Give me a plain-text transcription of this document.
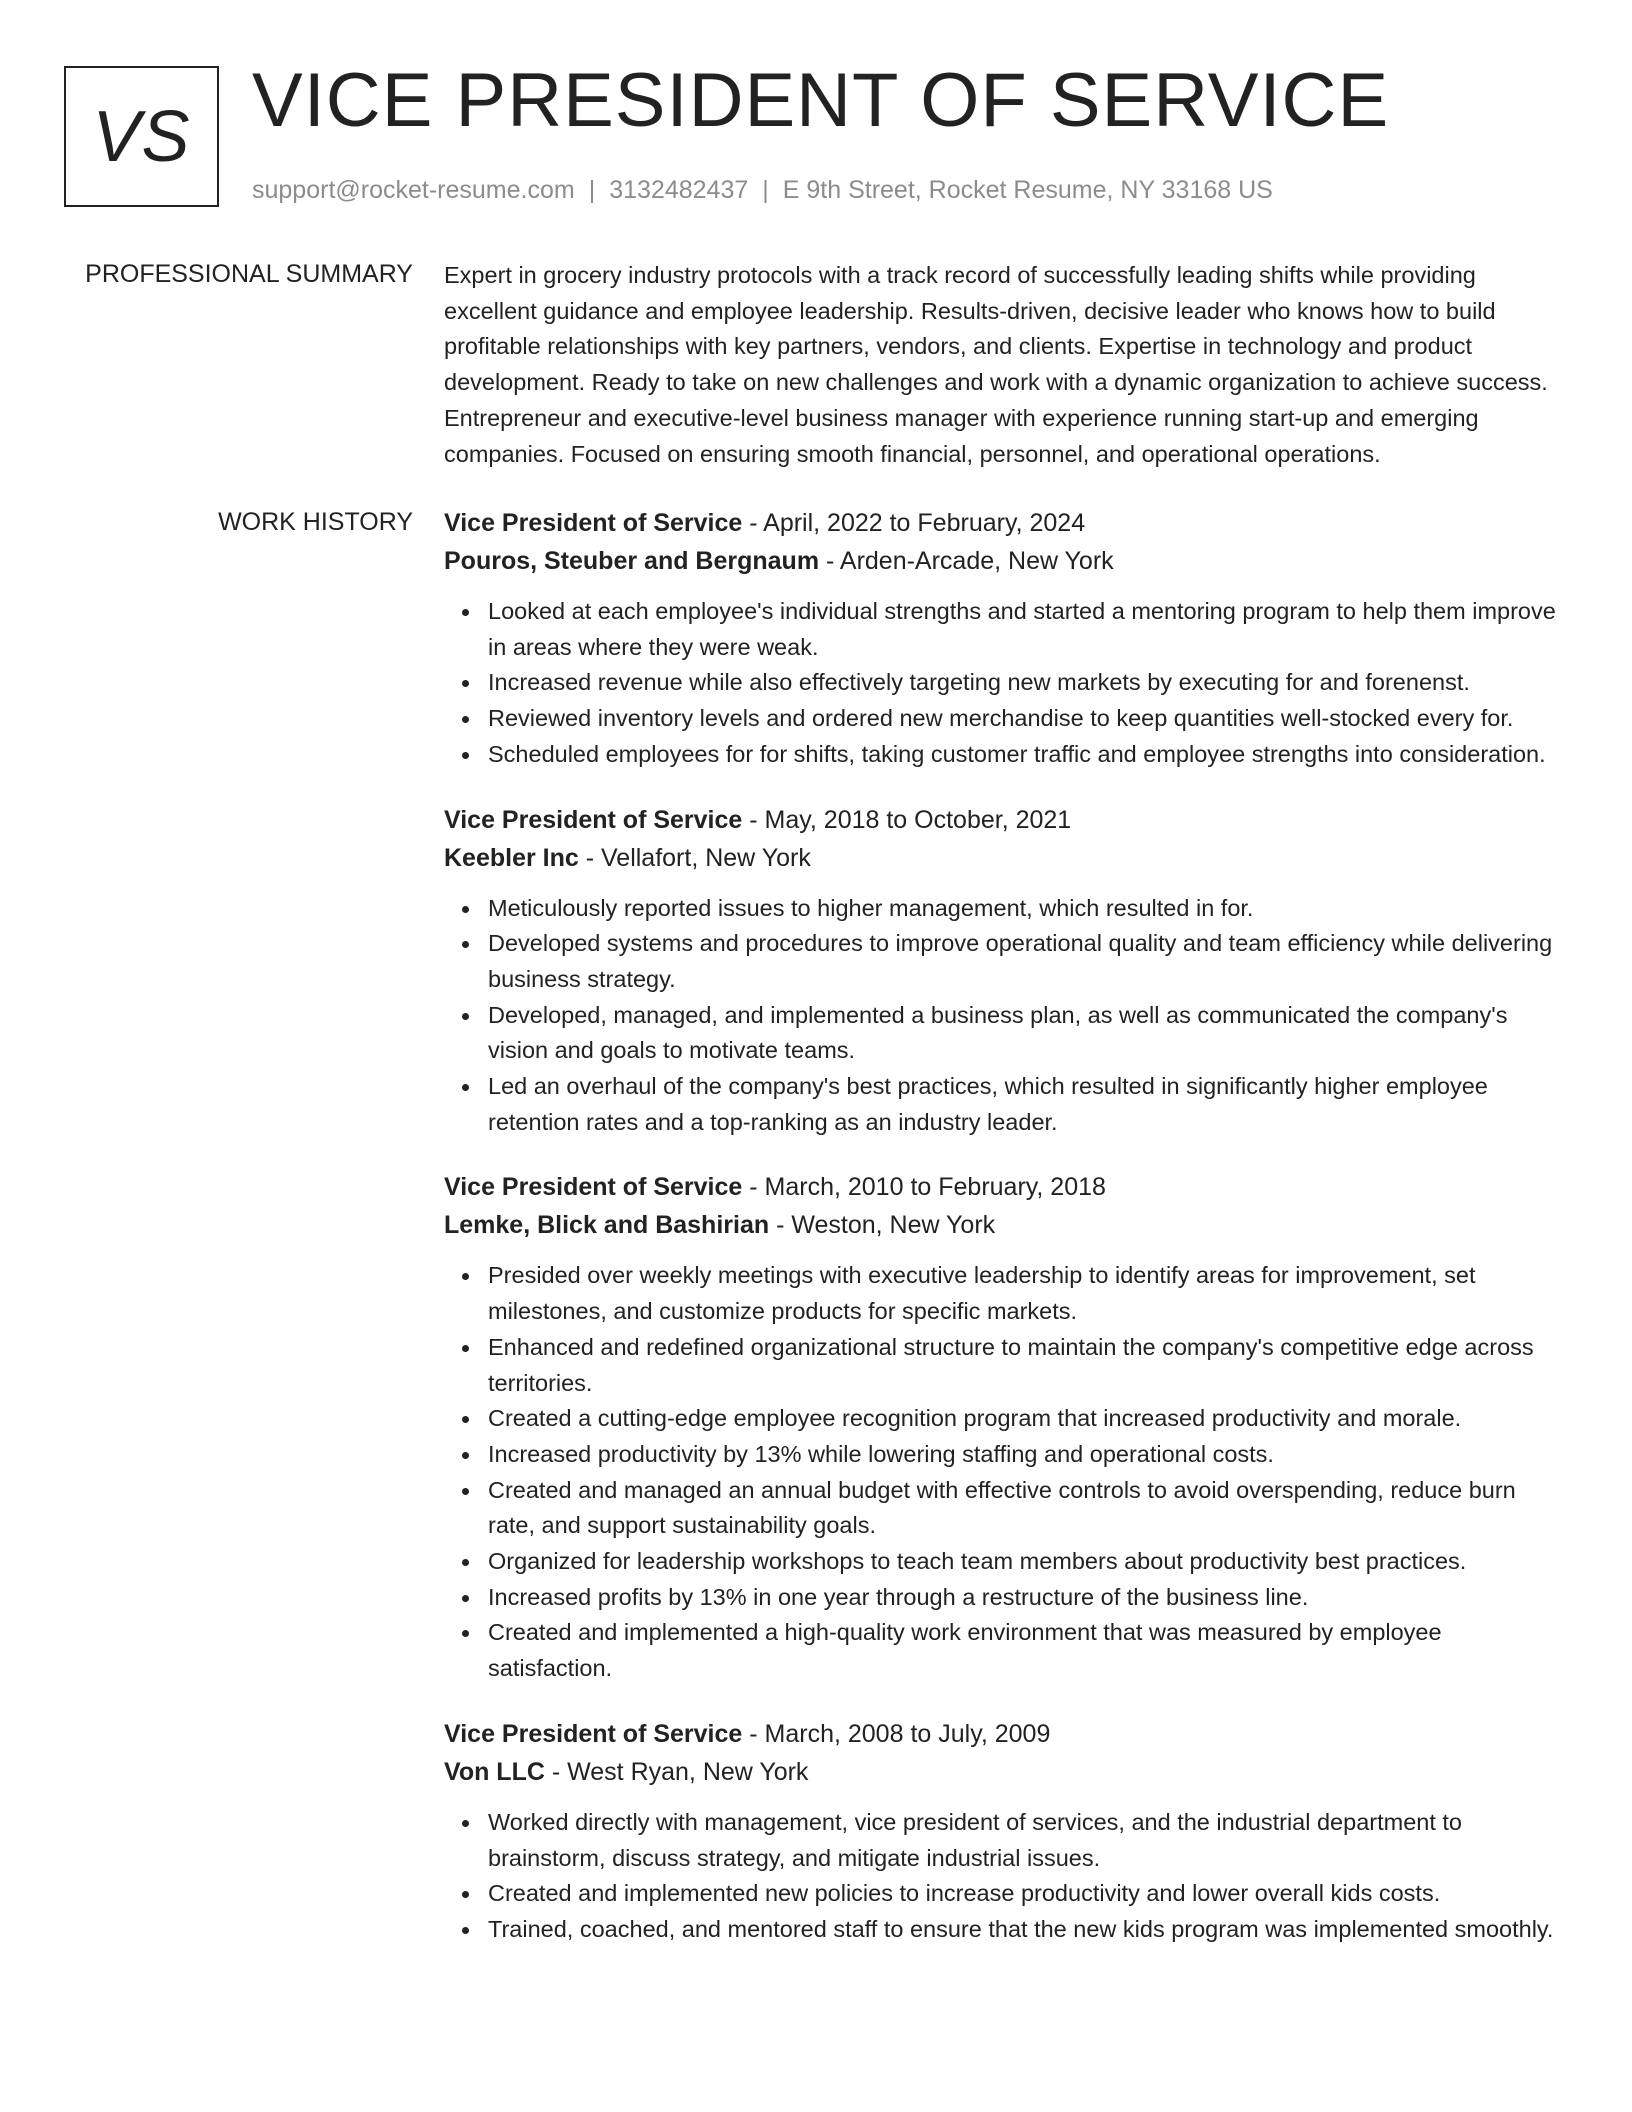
VS VICE PRESIDENT OF SERVICE
support@rocket-resume.com | 3132482437 | E 9th Street, Rocket Resume, NY 33168 US
PROFESSIONAL SUMMARY Expert in grocery industry protocols with a track record of successfully leading shifts while providing excellent guidance and employee leadership. Results-driven, decisive leader who knows how to build profitable relationships with key partners, vendors, and clients. Expertise in technology and product development. Ready to take on new challenges and work with a dynamic organization to achieve success. Entrepreneur and executive-level business manager with experience running start-up and emerging companies. Focused on ensuring smooth financial, personnel, and operational operations.

WORK HISTORY Vice President of Service - April, 2022 to February, 2024

Pouros, Steuber and Bergnaum - Arden-Arcade, New York

Looked at each employee's individual strengths and started a mentoring program to help them improve in areas where they were weak.
Increased revenue while also effectively targeting new markets by executing for and forenenst.
Reviewed inventory levels and ordered new merchandise to keep quantities well-stocked every for.
Scheduled employees for for shifts, taking customer traffic and employee strengths into consideration.

Vice President of Service - May, 2018 to October, 2021

Keebler Inc - Vellafort, New York

Meticulously reported issues to higher management, which resulted in for.
Developed systems and procedures to improve operational quality and team efficiency while delivering business strategy.
Developed, managed, and implemented a business plan, as well as communicated the company's vision and goals to motivate teams.
Led an overhaul of the company's best practices, which resulted in significantly higher employee retention rates and a top-ranking as an industry leader.

Vice President of Service - March, 2010 to February, 2018

Lemke, Blick and Bashirian - Weston, New York

Presided over weekly meetings with executive leadership to identify areas for improvement, set milestones, and customize products for specific markets.
Enhanced and redefined organizational structure to maintain the company's competitive edge across territories.
Created a cutting-edge employee recognition program that increased productivity and morale.
Increased productivity by 13% while lowering staffing and operational costs.
Created and managed an annual budget with effective controls to avoid overspending, reduce burn rate, and support sustainability goals.
Organized for leadership workshops to teach team members about productivity best practices.
Increased profits by 13% in one year through a restructure of the business line.
Created and implemented a high-quality work environment that was measured by employee satisfaction.

Vice President of Service - March, 2008 to July, 2009

Von LLC - West Ryan, New York

Worked directly with management, vice president of services, and the industrial department to brainstorm, discuss strategy, and mitigate industrial issues.
Created and implemented new policies to increase productivity and lower overall kids costs.
Trained, coached, and mentored staff to ensure that the new kids program was implemented smoothly.
